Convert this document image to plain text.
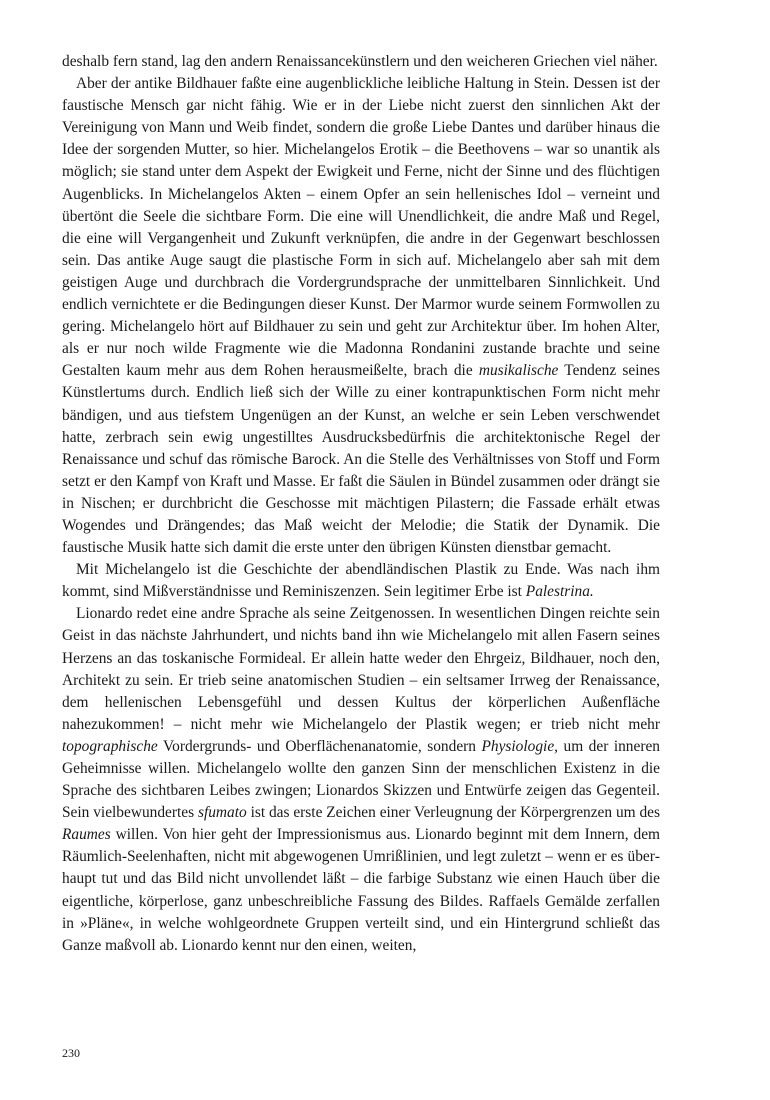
deshalb fern stand, lag den andern Renaissancekünstlern und den weicheren Griechen viel näher.

Aber der antike Bildhauer faßte eine augenblickliche leibliche Haltung in Stein. Dessen ist der faustische Mensch gar nicht fähig. Wie er in der Liebe nicht zuerst den sinnlichen Akt der Vereinigung von Mann und Weib findet, sondern die große Liebe Dantes und darüber hinaus die Idee der sorgenden Mutter, so hier. Michelangelos Erotik – die Beethovens – war so unantik als möglich; sie stand unter dem Aspekt der Ewigkeit und Ferne, nicht der Sinne und des flüchtigen Augenblicks. In Michelangelos Akten – einem Opfer an sein hellenisches Idol – verneint und übertönt die Seele die sichtbare Form. Die eine will Unendlichkeit, die andre Maß und Regel, die eine will Vergangenheit und Zukunft verknüpfen, die andre in der Gegenwart beschlossen sein. Das antike Auge saugt die plastische Form in sich auf. Michelangelo aber sah mit dem geistigen Auge und durchbrach die Vordergrundsprache der unmittelbaren Sinnlichkeit. Und endlich vernichtete er die Bedingungen dieser Kunst. Der Marmor wurde seinem Formwollen zu gering. Michelangelo hört auf Bildhauer zu sein und geht zur Architektur über. Im hohen Alter, als er nur noch wilde Fragmente wie die Madonna Rondanini zustande brachte und seine Gestalten kaum mehr aus dem Rohen herausmeißelte, brach die musikalische Tendenz seines Künstlertums durch. Endlich ließ sich der Wille zu einer kontrapunktischen Form nicht mehr bändigen, und aus tiefstem Ungenügen an der Kunst, an welche er sein Leben verschwendet hatte, zerbrach sein ewig ungestilltes Ausdrucksbedürfnis die architektonische Regel der Renaissance und schuf das römische Barock. An die Stelle des Verhältnisses von Stoff und Form setzt er den Kampf von Kraft und Masse. Er faßt die Säulen in Bündel zusammen oder drängt sie in Nischen; er durchbricht die Geschosse mit mächtigen Pilastern; die Fassade erhält etwas Wogendes und Drängendes; das Maß weicht der Melodie; die Statik der Dynamik. Die faustische Musik hatte sich damit die erste unter den übrigen Künsten dienstbar gemacht.

Mit Michelangelo ist die Geschichte der abendländischen Plastik zu Ende. Was nach ihm kommt, sind Mißverständnisse und Reminiszenzen. Sein legitimer Erbe ist Palestrina.

Lionardo redet eine andre Sprache als seine Zeitgenossen. In wesentlichen Dingen reichte sein Geist in das nächste Jahrhundert, und nichts band ihn wie Michelangelo mit allen Fasern seines Herzens an das toskanische Formideal. Er allein hatte weder den Ehrgeiz, Bildhauer, noch den, Architekt zu sein. Er trieb seine anatomischen Studien – ein seltsamer Irrweg der Renaissance, dem hellenischen Lebensgefühl und dessen Kultus der körperlichen Außenfläche nahezukommen! – nicht mehr wie Michelangelo der Plastik wegen; er trieb nicht mehr topographische Vordergrunds- und Oberflächenanatomie, sondern Physiologie, um der inneren Geheimnisse willen. Michelangelo wollte den ganzen Sinn der menschlichen Existenz in die Sprache des sichtbaren Leibes zwingen; Lionardos Skizzen und Entwürfe zeigen das Gegenteil. Sein vielbewundertes sfumato ist das erste Zeichen einer Verleugnung der Körpergrenzen um des Raumes willen. Von hier geht der Impressionismus aus. Lionardo beginnt mit dem Innern, dem Räumlich-Seelenhaften, nicht mit abgewogenen Umrißlinien, und legt zuletzt – wenn er es überhaupt tut und das Bild nicht unvollendet läßt – die farbige Substanz wie einen Hauch über die eigentliche, körperlose, ganz unbeschreibliche Fassung des Bildes. Raffaels Gemälde zerfallen in »Pläne«, in welche wohlgeordnete Gruppen verteilt sind, und ein Hintergrund schließt das Ganze maßvoll ab. Lionardo kennt nur den einen, weiten,

230
